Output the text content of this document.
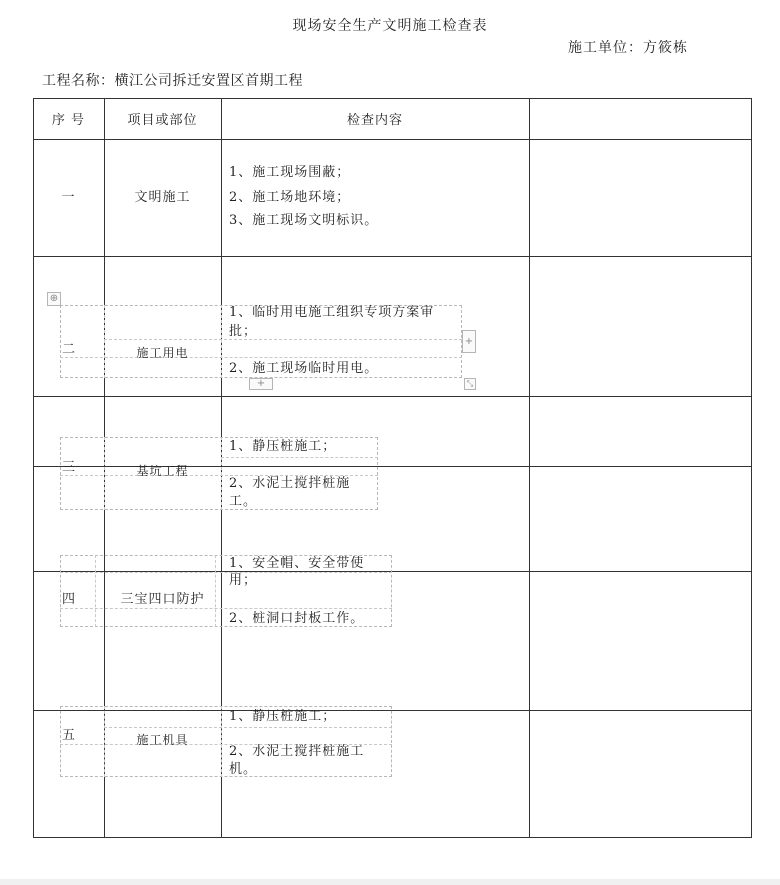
现场安全生产文明施工检查表
施工单位：方筱栋
工程名称：横江公司拆迁安置区首期工程
序 号	项目或部位	检查内容
一	文明施工
1、施工现场围蔽；
2、施工场地环境；
3、施工现场文明标识。
⊕
+
+	⤡
二	施工用电
1、临时用电施工组织专项方案审
批；
2、施工现场临时用电。
三	基坑工程
1、静压桩施工；
2、水泥土搅拌桩施
工。
四	三宝四口防护
1、安全帽、安全带使
用；
2、桩洞口封板工作。
五	施工机具
1、静压桩施工；
2、水泥土搅拌桩施工
机。
